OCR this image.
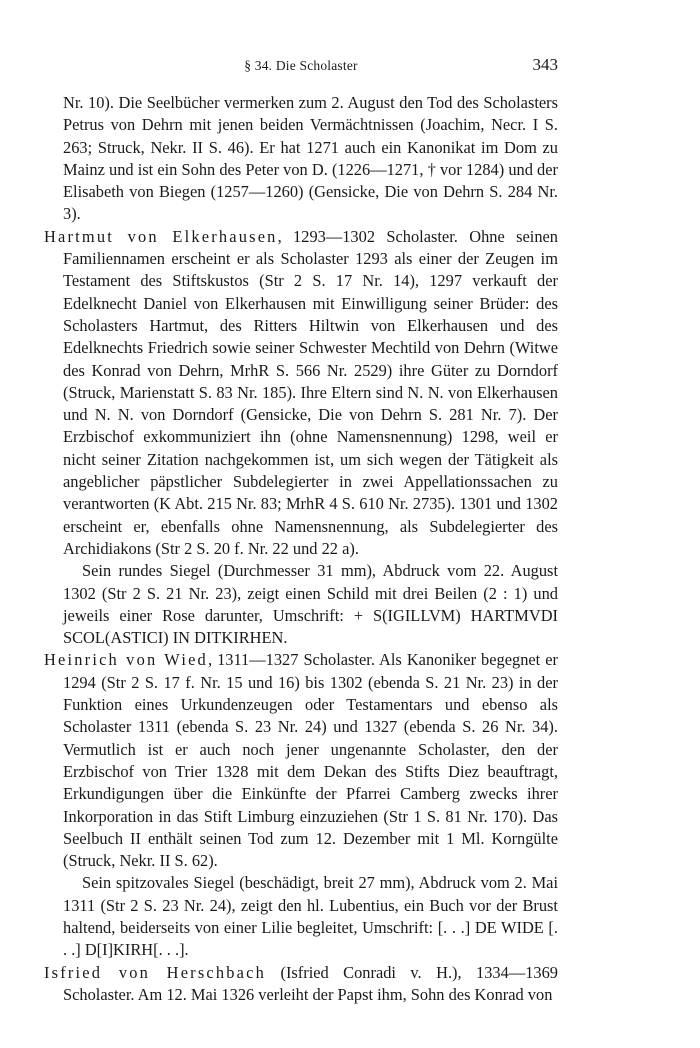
§ 34. Die Scholaster	343

Nr. 10). Die Seelbücher vermerken zum 2. August den Tod des Scholasters Petrus von Dehrn mit jenen beiden Vermächtnissen (Joachim, Necr. I S. 263; Struck, Nekr. II S. 46). Er hat 1271 auch ein Kanonikat im Dom zu Mainz und ist ein Sohn des Peter von D. (1226—1271, † vor 1284) und der Elisabeth von Biegen (1257—1260) (Gensicke, Die von Dehrn S. 284 Nr. 3).

Hartmut von Elkerhausen, 1293—1302 Scholaster. Ohne seinen Familiennamen erscheint er als Scholaster 1293 als einer der Zeugen im Testament des Stiftskustos (Str 2 S. 17 Nr. 14), 1297 verkauft der Edelknecht Daniel von Elkerhausen mit Einwilligung seiner Brüder: des Scholasters Hartmut, des Ritters Hiltwin von Elkerhausen und des Edelknechts Friedrich sowie seiner Schwester Mechtild von Dehrn (Witwe des Konrad von Dehrn, MrhR S. 566 Nr. 2529) ihre Güter zu Dorndorf (Struck, Marienstatt S. 83 Nr. 185). Ihre Eltern sind N. N. von Elkerhausen und N. N. von Dorndorf (Gensicke, Die von Dehrn S. 281 Nr. 7). Der Erzbischof exkommuniziert ihn (ohne Namensnennung) 1298, weil er nicht seiner Zitation nachgekommen ist, um sich wegen der Tätigkeit als angeblicher päpstlicher Subdelegierter in zwei Appellationssachen zu verantworten (K Abt. 215 Nr. 83; MrhR 4 S. 610 Nr. 2735). 1301 und 1302 erscheint er, ebenfalls ohne Namensnennung, als Subdelegierter des Archidiakons (Str 2 S. 20 f. Nr. 22 und 22 a).

Sein rundes Siegel (Durchmesser 31 mm), Abdruck vom 22. August 1302 (Str 2 S. 21 Nr. 23), zeigt einen Schild mit drei Beilen (2 : 1) und jeweils einer Rose darunter, Umschrift: + S(IGILLVM) HARTMVDI SCOL(ASTICI) IN DITKIRHEN.

Heinrich von Wied, 1311—1327 Scholaster. Als Kanoniker begegnet er 1294 (Str 2 S. 17 f. Nr. 15 und 16) bis 1302 (ebenda S. 21 Nr. 23) in der Funktion eines Urkundenzeugen oder Testamentars und ebenso als Scholaster 1311 (ebenda S. 23 Nr. 24) und 1327 (ebenda S. 26 Nr. 34). Vermutlich ist er auch noch jener ungenannte Scholaster, den der Erzbischof von Trier 1328 mit dem Dekan des Stifts Diez beauftragt, Erkundigungen über die Einkünfte der Pfarrei Camberg zwecks ihrer Inkorporation in das Stift Limburg einzuziehen (Str 1 S. 81 Nr. 170). Das Seelbuch II enthält seinen Tod zum 12. Dezember mit 1 Ml. Korngülte (Struck, Nekr. II S. 62).

Sein spitzovales Siegel (beschädigt, breit 27 mm), Abdruck vom 2. Mai 1311 (Str 2 S. 23 Nr. 24), zeigt den hl. Lubentius, ein Buch vor der Brust haltend, beiderseits von einer Lilie begleitet, Umschrift: [. . .] DE WIDE [. . .] D[I]KIRH[. . .].

Isfried von Herschbach (Isfried Conradi v. H.), 1334—1369 Scholaster. Am 12. Mai 1326 verleiht der Papst ihm, Sohn des Konrad von
